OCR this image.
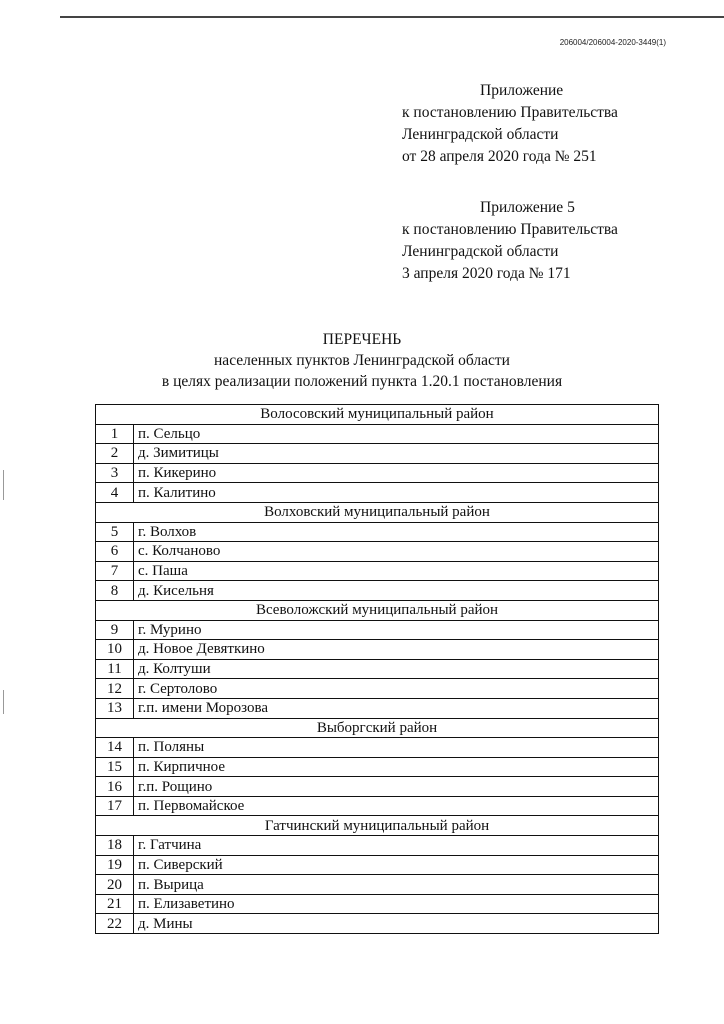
206004/206004-2020-3449(1)
Приложение
к постановлению Правительства
Ленинградской области
от 28 апреля 2020 года № 251
Приложение 5
к постановлению Правительства
Ленинградской области
3 апреля 2020 года № 171
ПЕРЕЧЕНЬ
населенных пунктов Ленинградской области
в целях реализации положений пункта 1.20.1 постановления
Волосовский муниципальный район	
1	п. Сельцо
2	д. Зимитицы
3	п. Кикерино
4	п. Калитино
Волховский муниципальный район	
5	г. Волхов
6	с. Колчаново
7	с. Паша
8	д. Кисельня
Всеволожский муниципальный район	
9	г. Мурино
10	д. Новое Девяткино
11	д. Колтуши
12	г. Сертолово
13	г.п. имени Морозова
Выборгский район	
14	п. Поляны
15	п. Кирпичное
16	г.п. Рощино
17	п. Первомайское
Гатчинский муниципальный район	
18	г. Гатчина
19	п. Сиверский
20	п. Вырица
21	п. Елизаветино
22	д. Мины
